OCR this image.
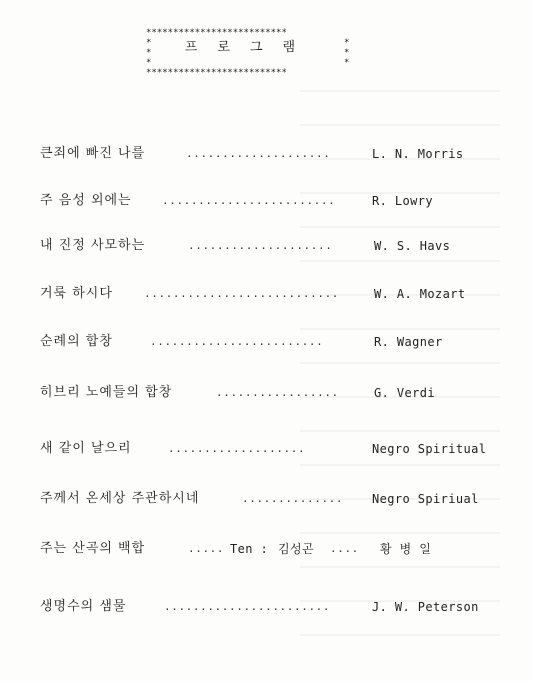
**************************
*
*
*
프로그램	*
*
*
**************************
큰죄에 빠진 나를	....................	L. N. Morris
주 음성 외에는	........................	R. Lowry
내 진정 사모하는	....................	W. S. Havs
거룩 하시다	...........................	W. A. Mozart
순례의 합창	........................	R. Wagner
히브리 노예들의 합창	.................	G. Verdi
새 같이 날으리	...................	Negro Spiritual
주께서 온세상 주관하시네	.............. Negro Spiriual
주는 산곡의 백합	..... Ten : 김성곤 .... 황 병 일
생명수의 샘물	.......................	J. W. Peterson
